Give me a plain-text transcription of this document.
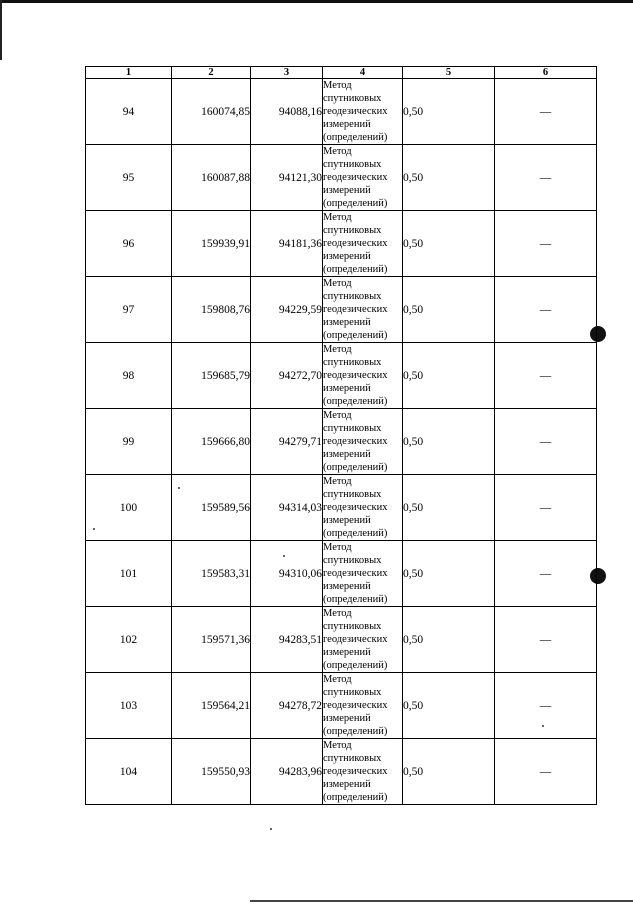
1	2	3	4	5	6
94	160074,85	94088,16	Метод спутниковых геодезических измерений (определений)	0,50	—
95	160087,88	94121,30	Метод спутниковых геодезических измерений (определений)	0,50	—
96	159939,91	94181,36	Метод спутниковых геодезических измерений (определений)	0,50	—
97	159808,76	94229,59	Метод спутниковых геодезических измерений (определений)	0,50	—
98	159685,79	94272,70	Метод спутниковых геодезических измерений (определений)	0,50	—
99	159666,80	94279,71	Метод спутниковых геодезических измерений (определений)	0,50	—
100	159589,56	94314,03	Метод спутниковых геодезических измерений (определений)	0,50	—
101	159583,31	94310,06	Метод спутниковых геодезических измерений (определений)	0,50	—
102	159571,36	94283,51	Метод спутниковых геодезических измерений (определений)	0,50	—
103	159564,21	94278,72	Метод спутниковых геодезических измерений (определений)	0,50	—
104	159550,93	94283,96	Метод спутниковых геодезических измерений (определений)	0,50	—
